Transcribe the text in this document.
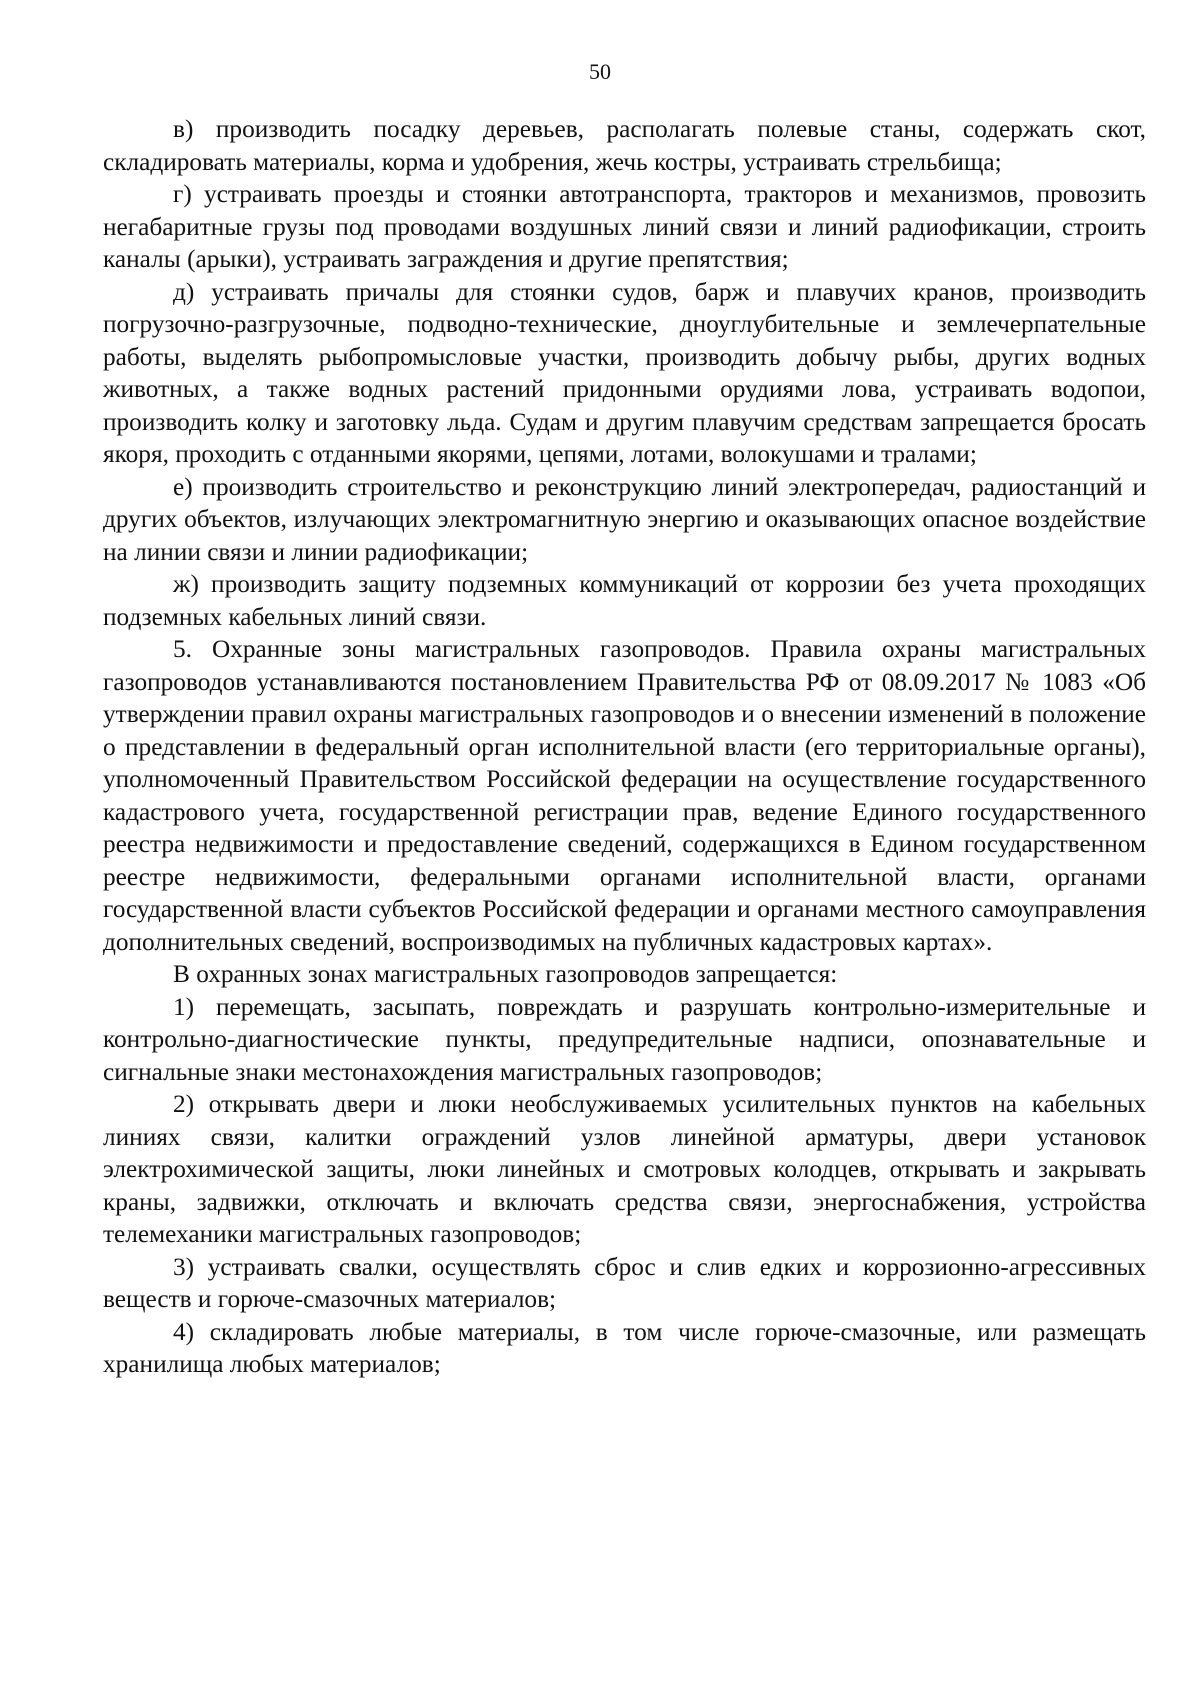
50

в) производить посадку деревьев, располагать полевые станы, содержать скот, складировать материалы, корма и удобрения, жечь костры, устраивать стрельбища;

г) устраивать проезды и стоянки автотранспорта, тракторов и механизмов, провозить негабаритные грузы под проводами воздушных линий связи и линий радиофикации, строить каналы (арыки), устраивать заграждения и другие препятствия;

д) устраивать причалы для стоянки судов, барж и плавучих кранов, производить погрузочно-разгрузочные, подводно-технические, дноуглубительные и землечерпательные работы, выделять рыбопромысловые участки, производить добычу рыбы, других водных животных, а также водных растений придонными орудиями лова, устраивать водопои, производить колку и заготовку льда. Судам и другим плавучим средствам запрещается бросать якоря, проходить с отданными якорями, цепями, лотами, волокушами и тралами;

е) производить строительство и реконструкцию линий электропередач, радиостанций и других объектов, излучающих электромагнитную энергию и оказывающих опасное воздействие на линии связи и линии радиофикации;

ж) производить защиту подземных коммуникаций от коррозии без учета проходящих подземных кабельных линий связи.

5. Охранные зоны магистральных газопроводов. Правила охраны магистральных газопроводов устанавливаются постановлением Правительства РФ от 08.09.2017 № 1083 «Об утверждении правил охраны магистральных газопроводов и о внесении изменений в положение о представлении в федеральный орган исполнительной власти (его территориальные органы), уполномоченный Правительством Российской федерации на осуществление государственного кадастрового учета, государственной регистрации прав, ведение Единого государственного реестра недвижимости и предоставление сведений, содержащихся в Едином государственном реестре недвижимости, федеральными органами исполнительной власти, органами государственной власти субъектов Российской федерации и органами местного самоуправления дополнительных сведений, воспроизводимых на публичных кадастровых картах».

В охранных зонах магистральных газопроводов запрещается:

1) перемещать, засыпать, повреждать и разрушать контрольно-измерительные и контрольно-диагностические пункты, предупредительные надписи, опознавательные и сигнальные знаки местонахождения магистральных газопроводов;

2) открывать двери и люки необслуживаемых усилительных пунктов на кабельных линиях связи, калитки ограждений узлов линейной арматуры, двери установок электрохимической защиты, люки линейных и смотровых колодцев, открывать и закрывать краны, задвижки, отключать и включать средства связи, энергоснабжения, устройства телемеханики магистральных газопроводов;

3) устраивать свалки, осуществлять сброс и слив едких и коррозионно-агрессивных веществ и горюче-смазочных материалов;

4) складировать любые материалы, в том числе горюче-смазочные, или размещать хранилища любых материалов;
